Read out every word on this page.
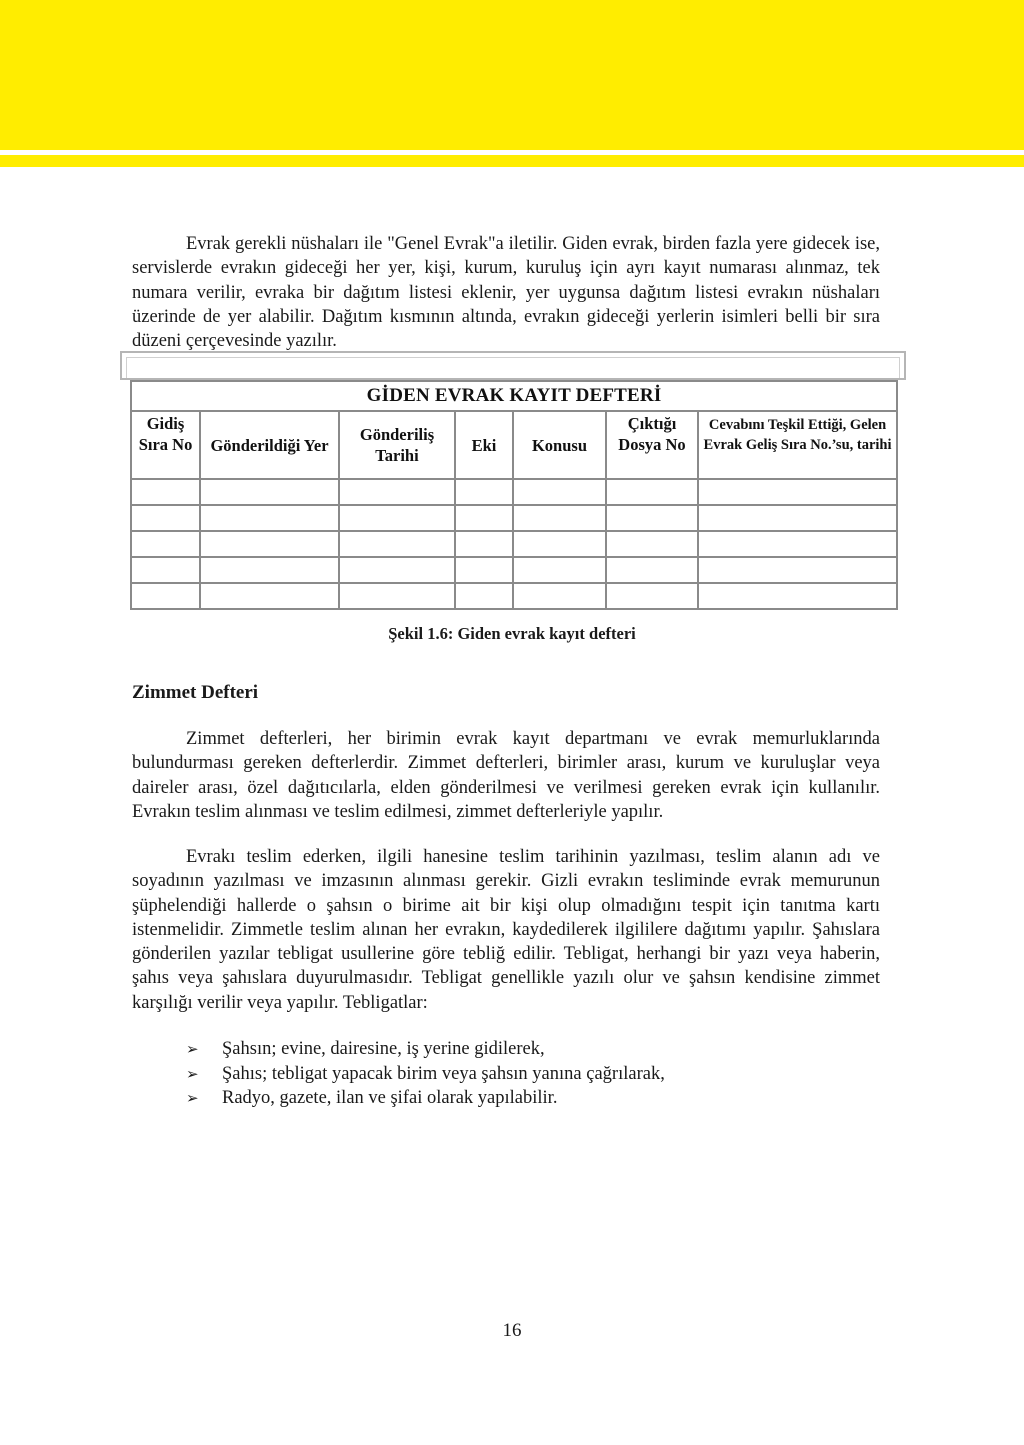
Evrak gerekli nüshaları ile "Genel Evrak"a iletilir. Giden evrak, birden fazla yere gidecek ise, servislerde evrakın gideceği her yer, kişi, kurum, kuruluş için ayrı kayıt numarası alınmaz, tek numara verilir, evraka bir dağıtım listesi eklenir, yer uygunsa dağıtım listesi evrakın nüshaları üzerinde de yer alabilir. Dağıtım kısmının altında, evrakın gideceği yerlerin isimleri belli bir sıra düzeni çerçevesinde yazılır.

GİDEN EVRAK KAYIT DEFTERİ						
Gidiş Sıra No	Gönderildiği Yer	Gönderiliş Tarihi	Eki	Konusu	Çıktığı Dosya No	Cevabını Teşkil Ettiği, Gelen Evrak Geliş Sıra No.’su, tarihi

Şekil 1.6: Giden evrak kayıt defteri
Zimmet Defteri

Zimmet defterleri, her birimin evrak kayıt departmanı ve evrak memurluklarında bulundurması gereken defterlerdir. Zimmet defterleri, birimler arası, kurum ve kuruluşlar veya daireler arası, özel dağıtıcılarla, elden gönderilmesi ve verilmesi gereken evrak için kullanılır. Evrakın teslim alınması ve teslim edilmesi, zimmet defterleriyle yapılır.

Evrakı teslim ederken, ilgili hanesine teslim tarihinin yazılması, teslim alanın adı ve soyadının yazılması ve imzasının alınması gerekir. Gizli evrakın tesliminde evrak memurunun şüphelendiği hallerde o şahsın o birime ait bir kişi olup olmadığını tespit için tanıtma kartı istenmelidir. Zimmetle teslim alınan her evrakın, kaydedilerek ilgililere dağıtımı yapılır. Şahıslara gönderilen yazılar tebligat usullerine göre tebliğ edilir. Tebligat, herhangi bir yazı veya haberin, şahıs veya şahıslara duyurulmasıdır. Tebligat genellikle yazılı olur ve şahsın kendisine zimmet karşılığı verilir veya yapılır. Tebligatlar:

➢	Şahsın; evine, dairesine, iş yerine gidilerek,
➢	Şahıs; tebligat yapacak birim veya şahsın yanına çağrılarak,
➢	Radyo, gazete, ilan ve şifai olarak yapılabilir.
16
